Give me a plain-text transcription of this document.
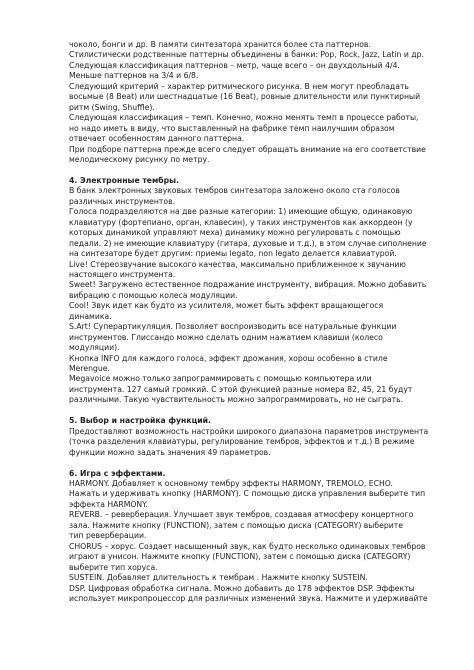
чоколо, бонги и др. В памяти синтезатора хранится более ста паттернов.
Стилистически родственные паттерны объединены в банки: Pop, Rock, Jazz, Latin и др.
Следующая классификация паттернов – метр, чаще всего – он двухдольный 4/4.
Меньше паттернов на 3/4 и 6/8.
Следующий критерий – характер ритмического рисунка. В нем могут преобладать
восьмые (8 Beat) или шестнадцатые (16 Beat), ровные длительности или пунктирный
ритм (Swing, Shuffle).
Следующая классификация – темп. Конечно, можно менять темп в процессе работы,
но надо иметь в виду, что выставленный на фабрике темп наилучшим образом
отвечает особенностям данного паттерна.
При подборе паттерна прежде всего следует обращать внимание на его соответствие
мелодическому рисунку по метру.
4. Электронные тембры.
В банк электронных звуковых тембров синтезатора заложено около ста голосов
различных инструментов.
Голоса подразделяются на две разные категории: 1) имеющие общую, одинаковую
клавиатуру (фортепиано, орган, клавесин), у таких инструментов как аккордеон (у
которых динамикой управляют меха) динамику можно регулировать с помощью
педали. 2) не имеющие клавиатуру (гитара, духовые и т.д.), в этом случае сиполнение
на синтезаторе будет другим: приемы legato, non legato делается клавиатурой.
Live! Стереозвучание высокого качества, максимально приближенное к звучанию
настоящего инструмента.
Sweet! Загружено естественное подражание инструменту, вибрация. Можно добавить
вибрацию с помощью колеса модуляции.
Cool! Звук идет как будто из усилителя, может быть эффект вращающегося
динамика.
S.Art! Суперартикуляция. Позволяет воспроизводить все натуральные функции
инструментов. Глиссандо можно сделать одним нажатием клавиши (колесо
модуляции).
Кнопка INFO для каждого голоса, эффект дрожания, хорош особенно в стиле
Merengue.
Megavoice можно только запрограммировать с помощью компьютера или
инструмента. 127 самый громкий. С этой функцией разные номера 82, 45, 21 будут
различными. Такую чувствительность можно запрограммировать, но не сыграть.
5. Выбор и настройка функций.
Предоставляют возможность настройки широкого диапазона параметров инструмента
(точка разделения клавиатуры, регулирование тембров, эффектов и т.д.) В режиме
функции можно задать значения 49 параметров.
6. Игра с эффектами.
HARMONY. Добавляет к основному тембру эффекты HARMONY, TREMOLO, ECHO.
Нажать и удерживать кнопку (HARMONY). С помощью диска управления выберите тип
эффекта HARMONY.
REVERB. – реверберация. Улучшает звук тембров, создавая атмосферу концертного
зала. Нажмите кнопку (FUNCTION), затем с помощью диска (CATEGORY) выберите
тип реверберации.
CHORUS – хорус. Создает насыщенный звук, как будто несколько одинаковых тембров
играют в унисон. Нажмите кнопку (FUNCTION), затем с помощью диска (CATEGORY)
выберите тип хоруса.
SUSTEIN. Добавляет длительность к тембрам . Нажмите кнопку SUSTEIN.
DSP. Цифровая обработка сигнала. Можно добавить до 178 эффектов DSP. Эффекты
использует микропроцессор для различных изменений звука. Нажмите и удерживайте
